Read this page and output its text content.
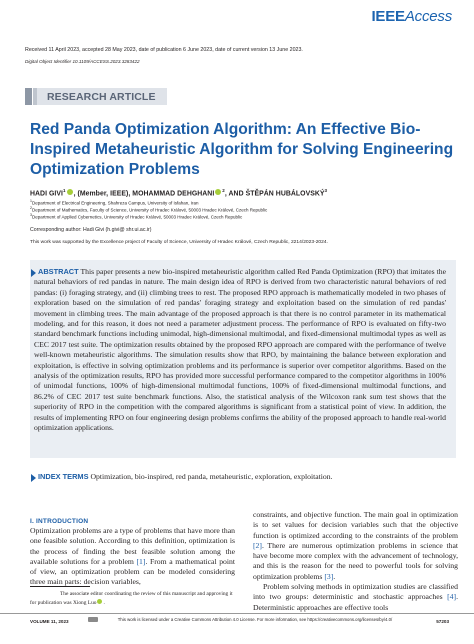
IEEEAccess
Received 11 April 2023, accepted 28 May 2023, date of publication 6 June 2023, date of current version 13 June 2023.
Digital Object Identifier 10.1109/ACCESS.2023.3283422
RESEARCH ARTICLE
Red Panda Optimization Algorithm: An Effective Bio-Inspired Metaheuristic Algorithm for Solving Engineering Optimization Problems
HADI GIVI$^1$ , (Member, IEEE), MOHAMMAD DEHGHANI $^2$, AND ŠTĚPÁN HUBÁLOVSKÝ$^3$
$^1$Department of Electrical Engineering, Shahreza Campus, University of Isfahan, Iran
$^2$Department of Mathematics, Faculty of Science, University of Hradec Králové, 50003 Hradec Králové, Czech Republic
$^3$Department of Applied Cybernetics, University of Hradec Králové, 50003 Hradec Králové, Czech Republic
Corresponding author: Hadi Givi (h.givi@ shr.ui.ac.ir)
This work was supported by the Excellence project of Faculty of Science, University of Hradec Králové, Czech Republic, 2214/2023-2024.
ABSTRACT This paper presents a new bio-inspired metaheuristic algorithm called Red Panda Optimization (RPO) that imitates the natural behaviors of red pandas in nature. The main design idea of RPO is derived from two characteristic natural behaviors of red pandas: (i) foraging strategy, and (ii) climbing trees to rest. The proposed RPO approach is mathematically modeled in two phases of exploration based on the simulation of red pandas' foraging strategy and exploitation based on the simulation of red pandas' movement in climbing trees. The main advantage of the proposed approach is that there is no control parameter in its mathematical modeling, and for this reason, it does not need a parameter adjustment process. The performance of RPO is evaluated on fifty-two standard benchmark functions including unimodal, high-dimensional multimodal, and fixed-dimensional multimodal types as well as CEC 2017 test suite. The optimization results obtained by the proposed RPO approach are compared with the performance of twelve well-known metaheuristic algorithms. The simulation results show that RPO, by maintaining the balance between exploration and exploitation, is effective in solving optimization problems and its performance is superior over competitor algorithms. Based on the analysis of the optimization results, RPO has provided more successful performance compared to the competitor algorithms in 100% of unimodal functions, 100% of high-dimensional multimodal functions, 100% of fixed-dimensional multimodal functions, and 86.2% of CEC 2017 test suite benchmark functions. Also, the statistical analysis of the Wilcoxon rank sum test shows that the superiority of RPO in the competition with the compared algorithms is significant from a statistical point of view. In addition, the results of implementing RPO on four engineering design problems confirms the ability of the proposed approach to handle real-world optimization applications.
INDEX TERMS Optimization, bio-inspired, red panda, metaheuristic, exploration, exploitation.
I. INTRODUCTION
Optimization problems are a type of problems that have more than one feasible solution. According to this definition, optimization is the process of finding the best feasible solution among the available solutions for a problem [1]. From a mathematical point of view, an optimization problem can be modeled considering three main parts: decision variables,
constraints, and objective function. The main goal in optimization is to set values for decision variables such that the objective function is optimized according to the constraints of the problem [2]. There are numerous optimization problems in science that have become more complex with the advancement of technology, and this is the reason for the need to powerful tools for solving optimization problems [3].
Problem solving methods in optimization studies are classified into two groups: deterministic and stochastic approaches [4]. Deterministic approaches are effective tools
The associate editor coordinating the review of this manuscript and approving it for publication was Xiong Luo .
VOLUME 11, 2023	This work is licensed under a Creative Commons Attribution 4.0 License. For more information, see https://creativecommons.org/licenses/by/4.0/	57203
